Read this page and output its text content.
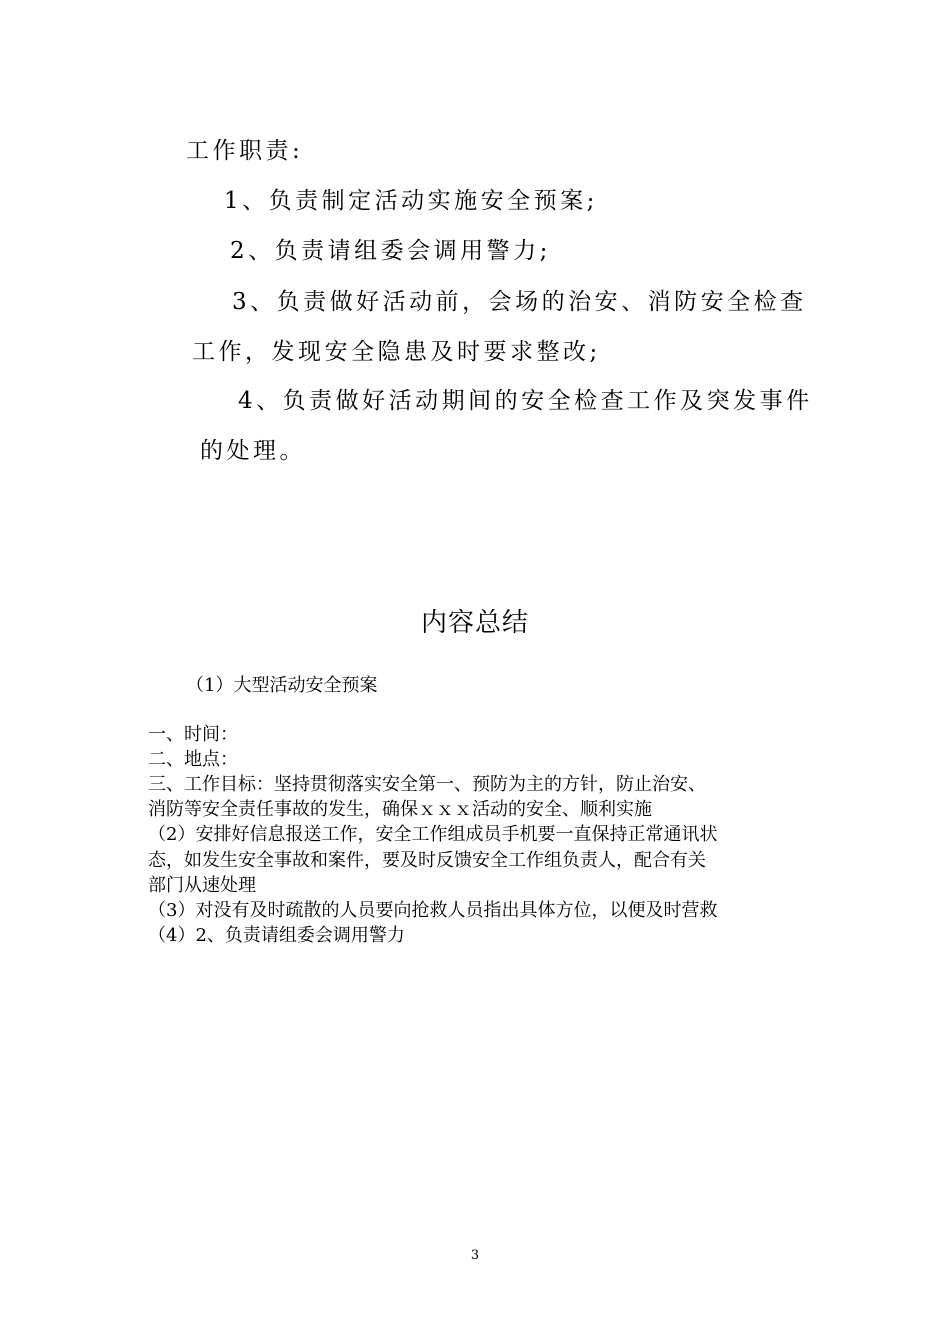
工作职责:
1、负责制定活动实施安全预案;
2、负责请组委会调用警力;
3、负责做好活动前，会场的治安、消防安全检查
工作，发现安全隐患及时要求整改;
4、负责做好活动期间的安全检查工作及突发事件
的处理。
内容总结
（1）大型活动安全预案
一、时间：
二、地点：
三、工作目标：坚持贯彻落实安全第一、预防为主的方针，防止治安、
消防等安全责任事故的发生，确保ｘｘｘ活动的安全、顺利实施
（2）安排好信息报送工作，安全工作组成员手机要一直保持正常通讯状
态，如发生安全事故和案件，要及时反馈安全工作组负责人，配合有关
部门从速处理
（3）对没有及时疏散的人员要向抢救人员指出具体方位，以便及时营救
（4）2、负责请组委会调用警力
3
